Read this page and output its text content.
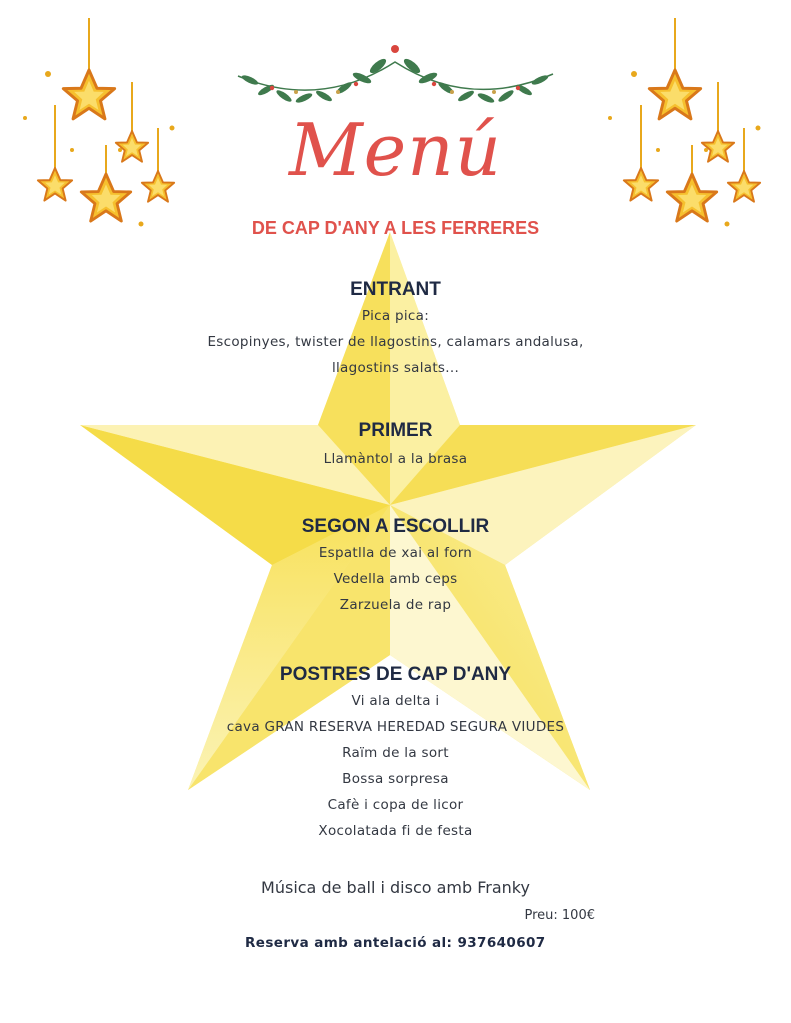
Menú
DE CAP D'ANY A LES FERRERES
ENTRANT
Pica pica:
Escopinyes, twister de llagostins, calamars andalusa,
llagostins salats...
PRIMER
Llamàntol a la brasa
SEGON A ESCOLLIR
Espatlla de xai al forn
Vedella amb ceps
Zarzuela de rap
POSTRES DE CAP D'ANY
Vi ala delta i
cava GRAN RESERVA HEREDAD SEGURA VIUDES
Raïm de la sort
Bossa sorpresa
Cafè i copa de licor
Xocolatada fi de festa
Música de ball i disco amb Franky
Preu: 100€
Reserva amb antelació al: 937640607
